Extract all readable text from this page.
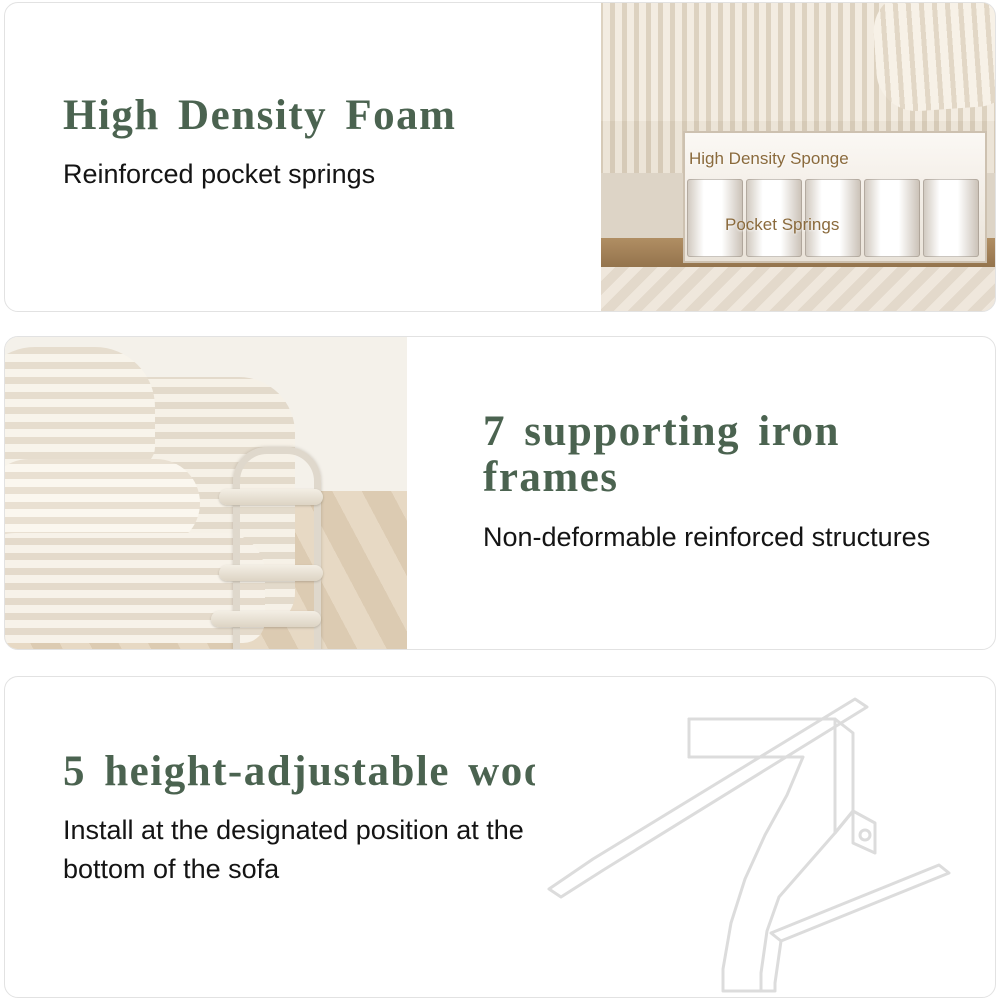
High Density Foam

Reinforced pocket springs

High Density Sponge
Pocket Springs
7 supporting iron frames

Non-deformable reinforced structures

5 height-adjustable wood

Install at the designated position at the bottom of the sofa
